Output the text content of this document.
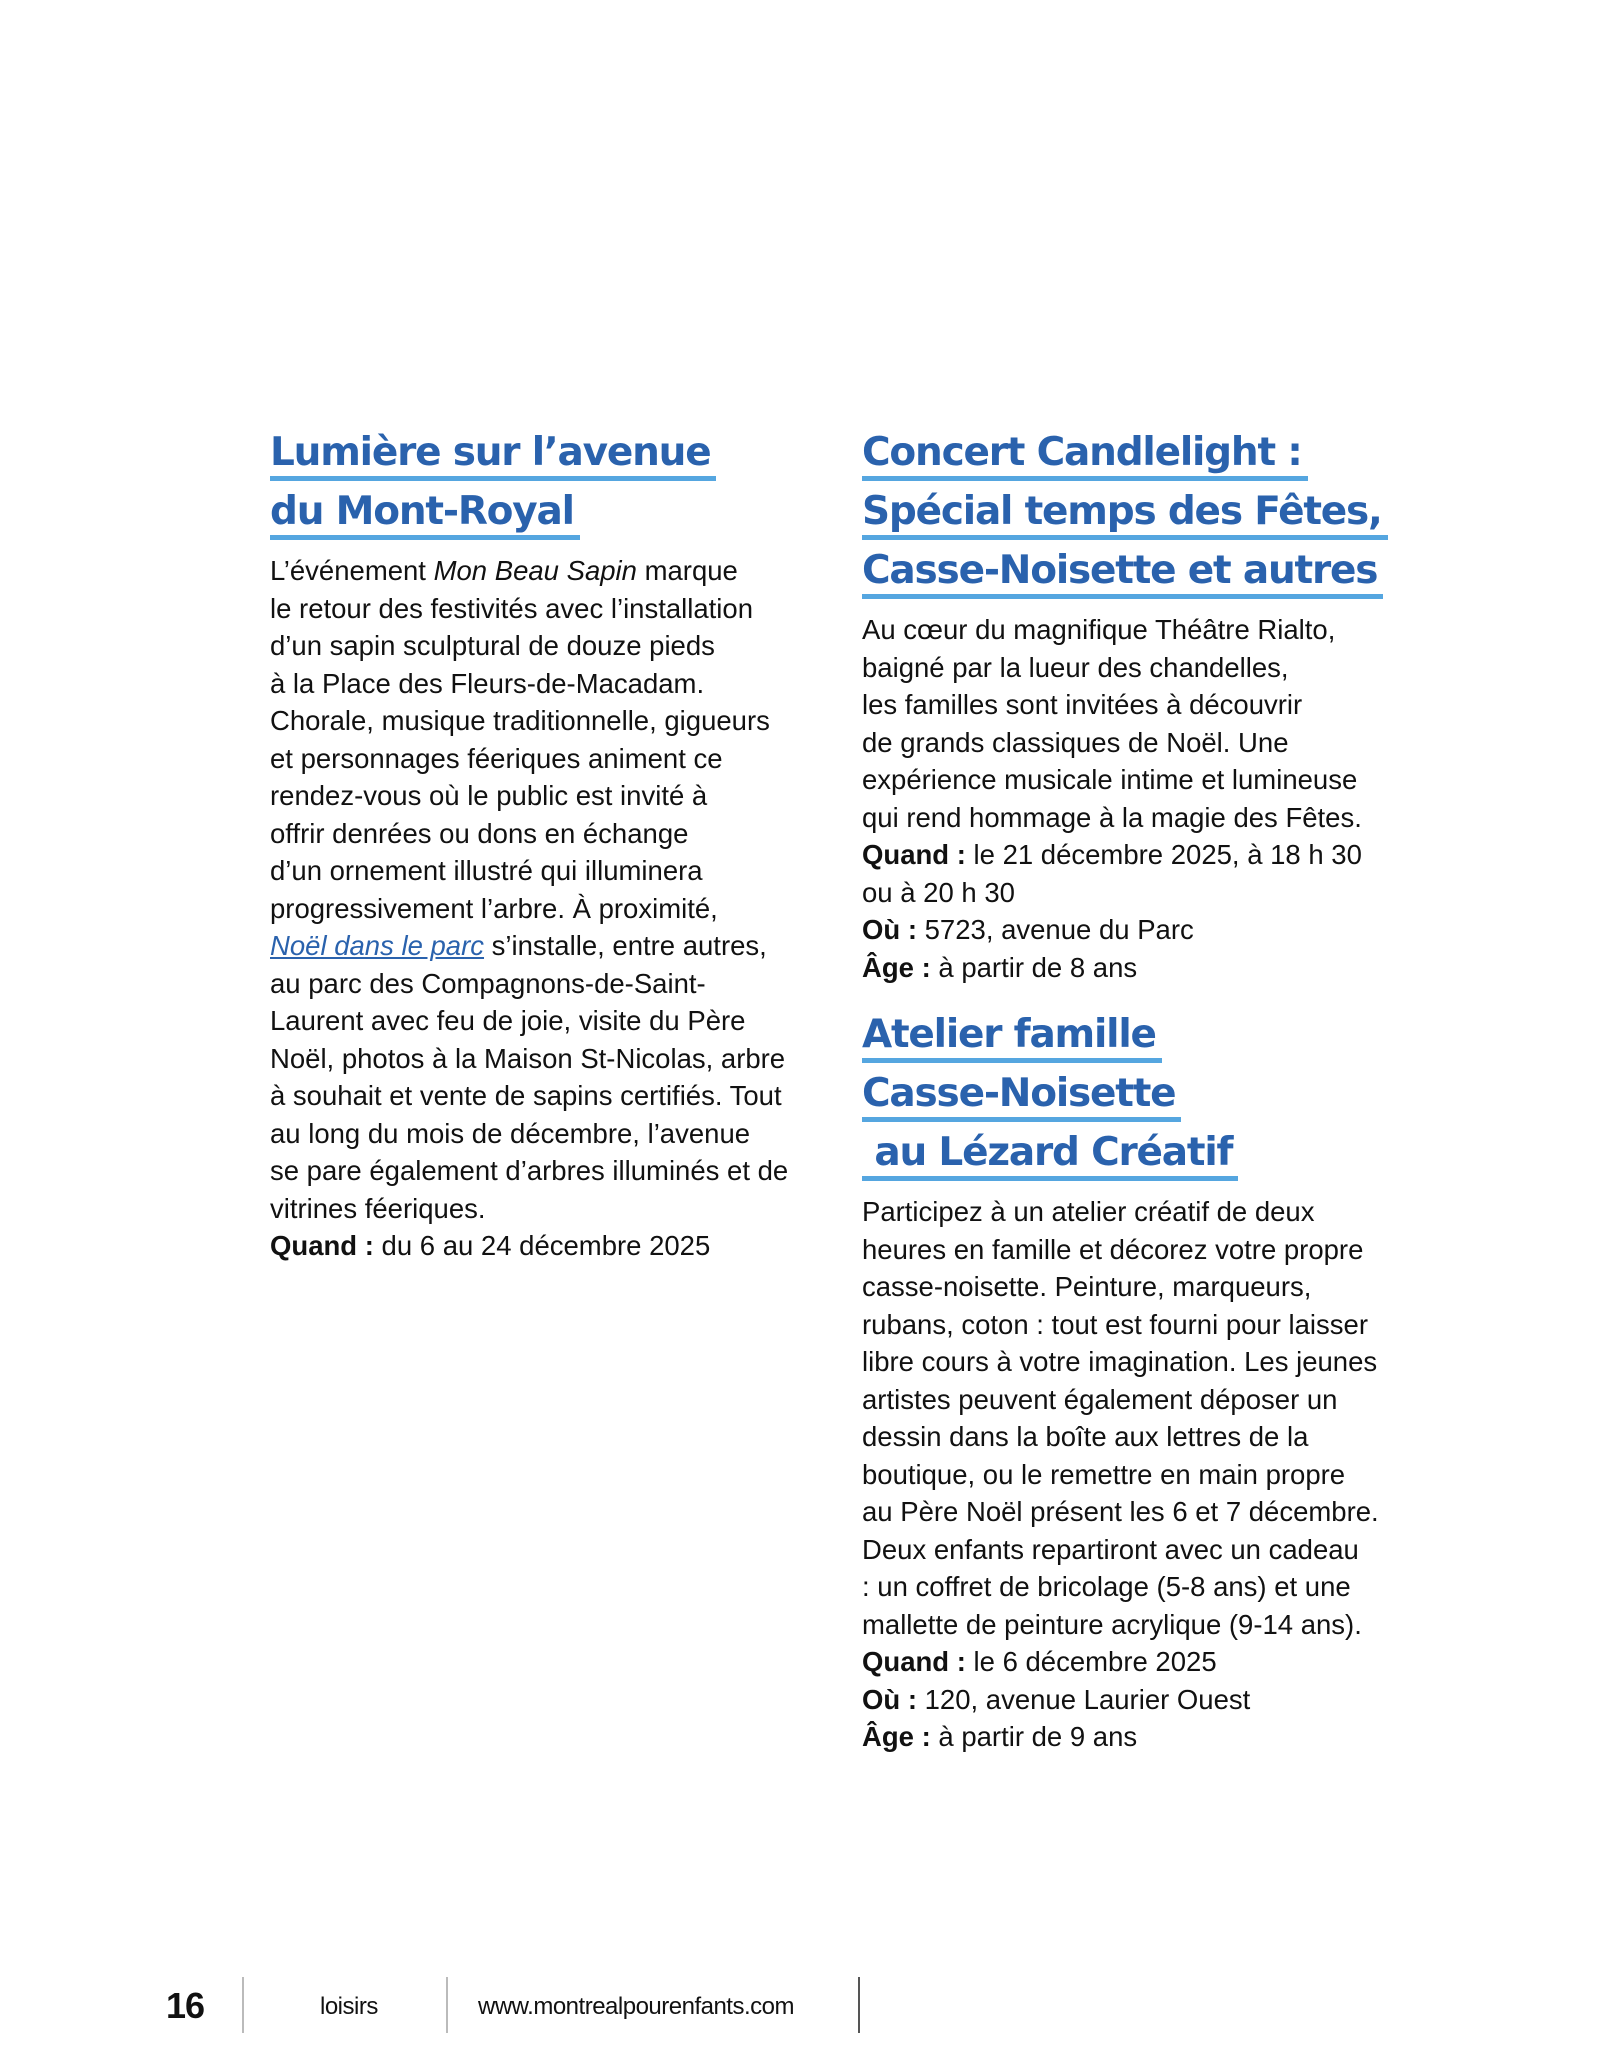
Lumière sur l’avenue
du Mont-Royal
L’événement Mon Beau Sapin marque
le retour des festivités avec l’installation
d’un sapin sculptural de douze pieds
à la Place des Fleurs-de-Macadam.
Chorale, musique traditionnelle, gigueurs
et personnages féeriques animent ce
rendez-vous où le public est invité à
offrir denrées ou dons en échange
d’un ornement illustré qui illuminera
progressivement l’arbre. À proximité,
Noël dans le parc s’installe, entre autres,
au parc des Compagnons-de-Saint-
Laurent avec feu de joie, visite du Père
Noël, photos à la Maison St-Nicolas, arbre
à souhait et vente de sapins certifiés. Tout
au long du mois de décembre, l’avenue
se pare également d’arbres illuminés et de
vitrines féeriques.
Quand : du 6 au 24 décembre 2025
Concert Candlelight :
Spécial temps des Fêtes,
Casse-Noisette et autres
Au cœur du magnifique Théâtre Rialto,
baigné par la lueur des chandelles,
les familles sont invitées à découvrir
de grands classiques de Noël. Une
expérience musicale intime et lumineuse
qui rend hommage à la magie des Fêtes.
Quand : le 21 décembre 2025, à 18 h 30
ou à 20 h 30
Où : 5723, avenue du Parc
Âge : à partir de 8 ans
Atelier famille
Casse-Noisette
au Lézard Créatif
Participez à un atelier créatif de deux
heures en famille et décorez votre propre
casse-noisette. Peinture, marqueurs,
rubans, coton : tout est fourni pour laisser
libre cours à votre imagination. Les jeunes
artistes peuvent également déposer un
dessin dans la boîte aux lettres de la
boutique, ou le remettre en main propre
au Père Noël présent les 6 et 7 décembre.
Deux enfants repartiront avec un cadeau
: un coffret de bricolage (5-8 ans) et une
mallette de peinture acrylique (9-14 ans).
Quand : le 6 décembre 2025
Où : 120, avenue Laurier Ouest
Âge : à partir de 9 ans
16	loisirs	www.montrealpourenfants.com
